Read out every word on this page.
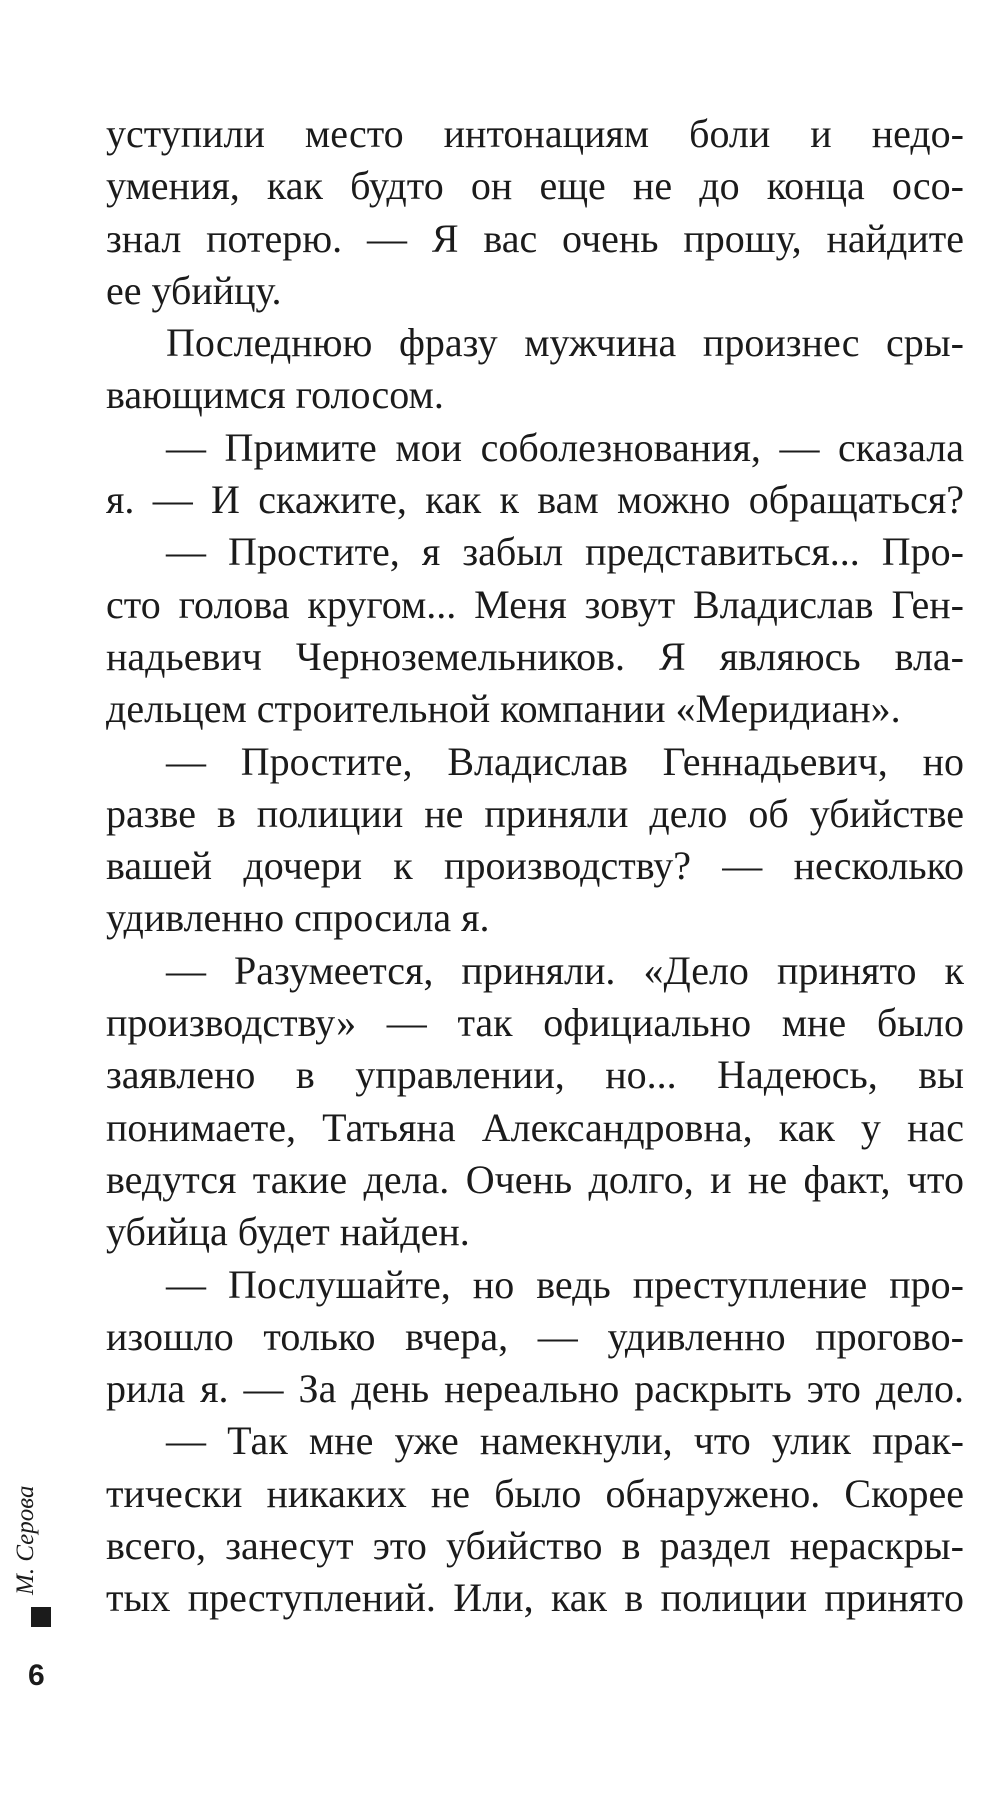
уступили место интонациям боли и недо-
умения, как будто он еще не до конца осо-
знал потерю. — Я вас очень прошу, найдите
ее убийцу.
Последнюю фразу мужчина произнес сры-
вающимся голосом.
— Примите мои соболезнования, — сказала
я. — И скажите, как к вам можно обращаться?
— Простите, я забыл представиться... Про-
сто голова кругом... Меня зовут Владислав Ген-
надьевич Черноземельников. Я являюсь вла-
дельцем строительной компании «Меридиан».
— Простите, Владислав Геннадьевич, но
разве в полиции не приняли дело об убийстве
вашей дочери к производству? — несколько
удивленно спросила я.
— Разумеется, приняли. «Дело принято к
производству» — так официально мне было
заявлено в управлении, но... Надеюсь, вы
понимаете, Татьяна Александровна, как у нас
ведутся такие дела. Очень долго, и не факт, что
убийца будет найден.
— Послушайте, но ведь преступление про-
изошло только вчера, — удивленно прогово-
рила я. — За день нереально раскрыть это дело.
— Так мне уже намекнули, что улик прак-
тически никаких не было обнаружено. Скорее
всего, занесут это убийство в раздел нераскры-
тых преступлений. Или, как в полиции принято
М. Серова
6
